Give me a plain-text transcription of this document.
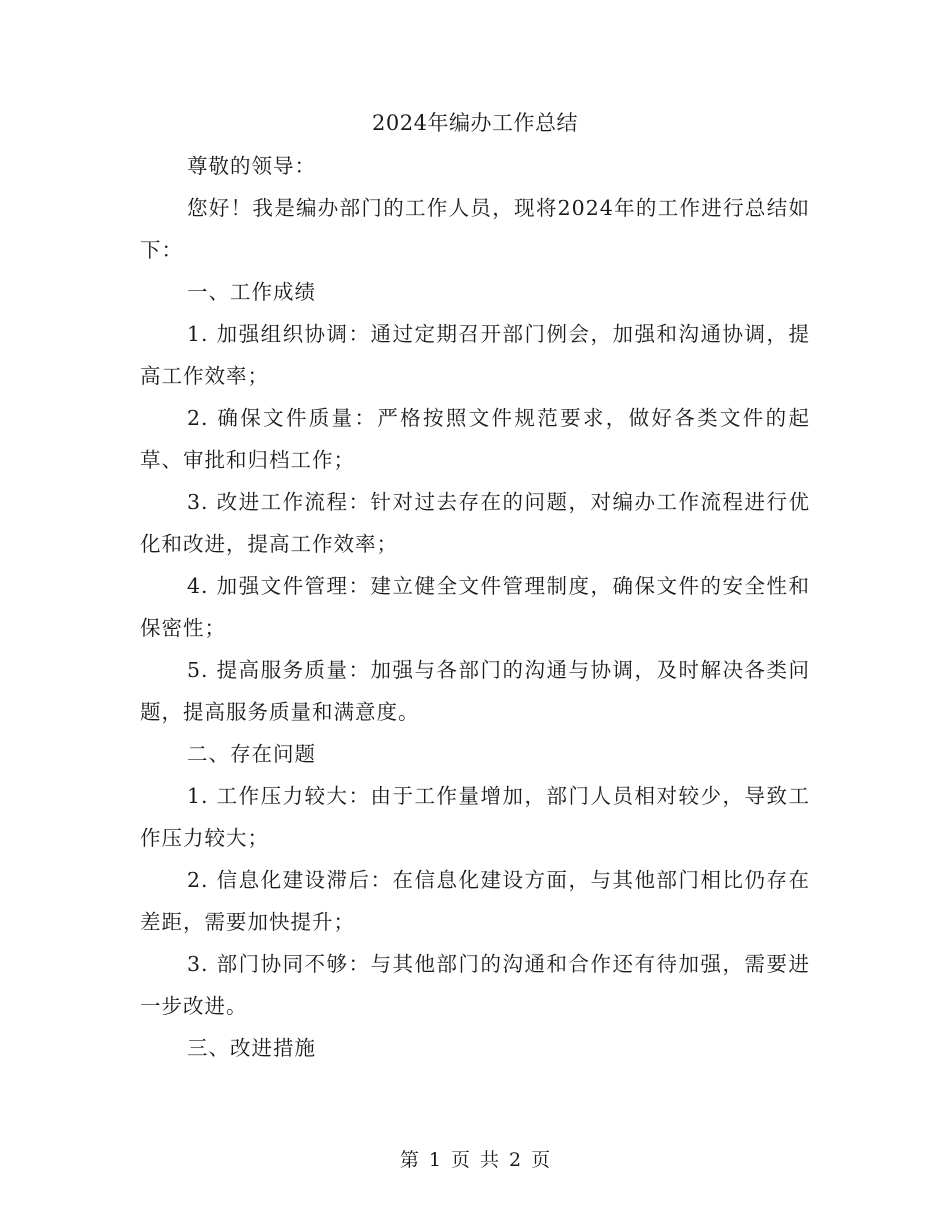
2024年编办工作总结

尊敬的领导：

您好！我是编办部门的工作人员，现将2024年的工作进行总结如下：

一、工作成绩

1. 加强组织协调：通过定期召开部门例会，加强和沟通协调，提高工作效率；

2. 确保文件质量：严格按照文件规范要求，做好各类文件的起草、审批和归档工作；

3. 改进工作流程：针对过去存在的问题，对编办工作流程进行优化和改进，提高工作效率；

4. 加强文件管理：建立健全文件管理制度，确保文件的安全性和保密性；

5. 提高服务质量：加强与各部门的沟通与协调，及时解决各类问题，提高服务质量和满意度。

二、存在问题

1. 工作压力较大：由于工作量增加，部门人员相对较少，导致工作压力较大；

2. 信息化建设滞后：在信息化建设方面，与其他部门相比仍存在差距，需要加快提升；

3. 部门协同不够：与其他部门的沟通和合作还有待加强，需要进一步改进。

三、改进措施

第 1 页 共 2 页
